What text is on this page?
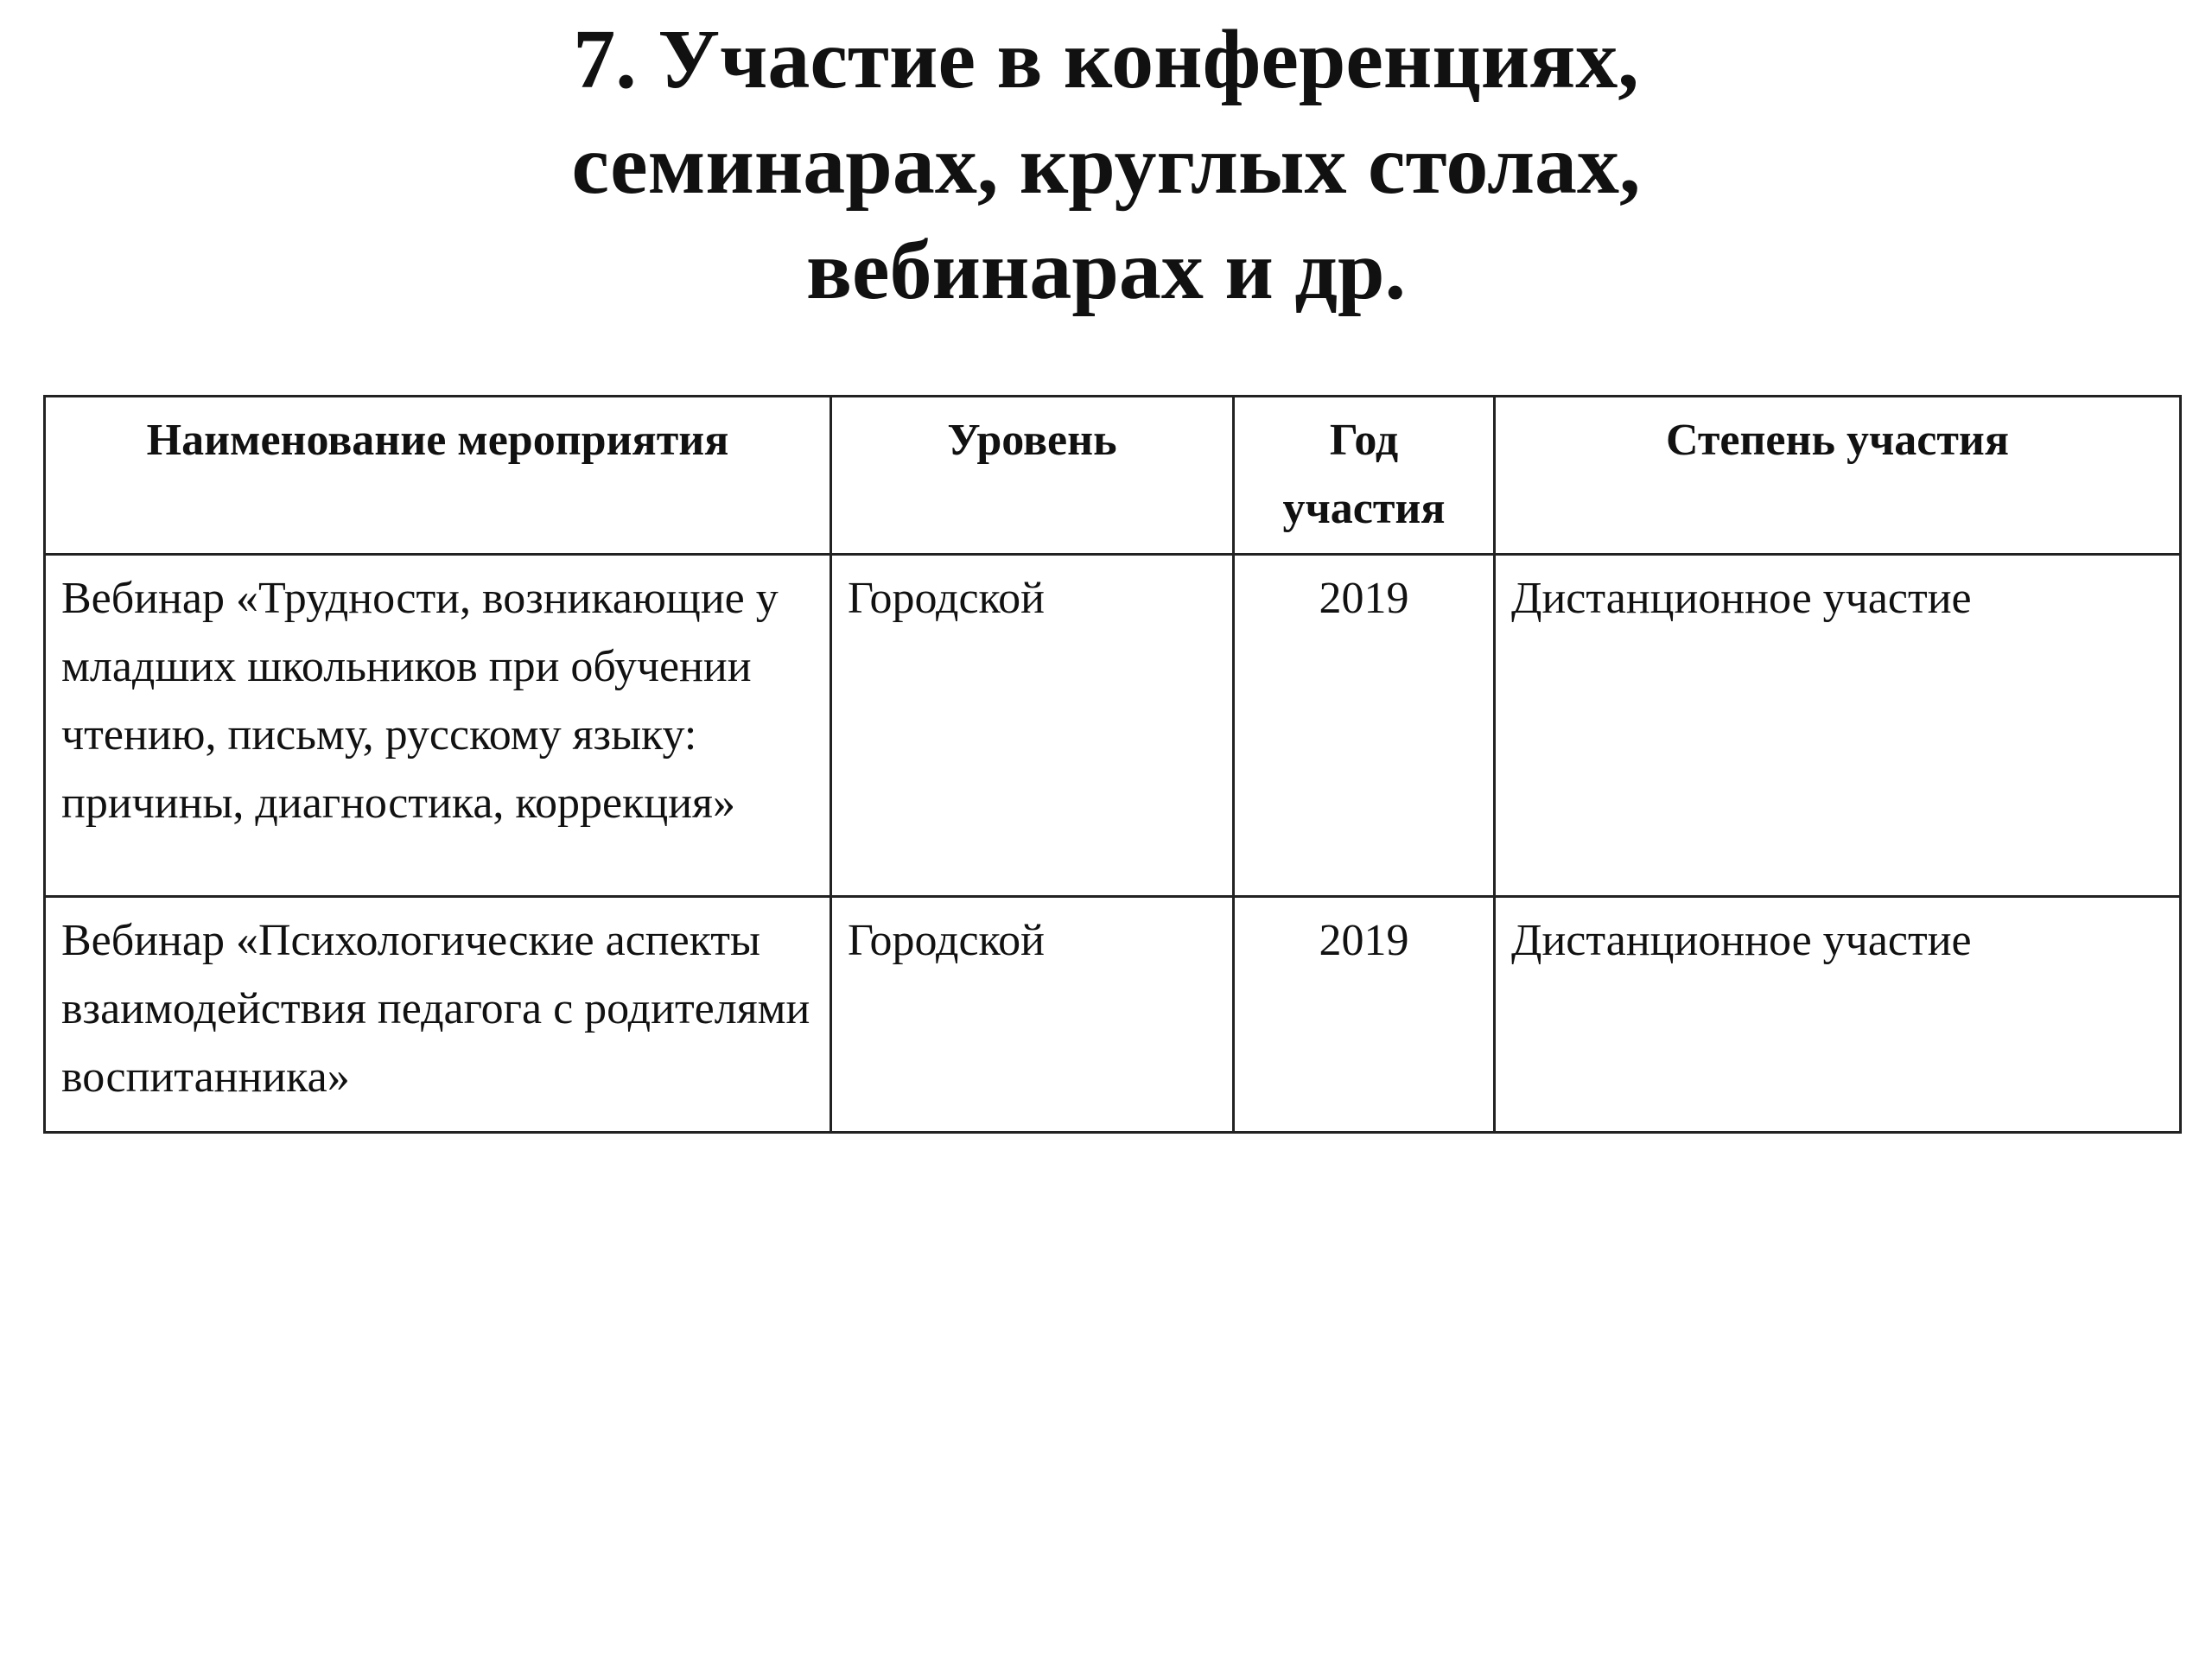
7. Участие в конференциях,
семинарах, круглых столах,
вебинарах и др.
Наименование мероприятия	Уровень	Год участия	Степень участия
Вебинар «Трудности, возникающие у младших школьников при обучении чтению, письму, русскому языку: причины, диагностика, коррекция»	Городской	2019	Дистанционное участие
Вебинар «Психологические аспекты взаимодействия педагога с родителями воспитанника»	Городской	2019	Дистанционное участие
